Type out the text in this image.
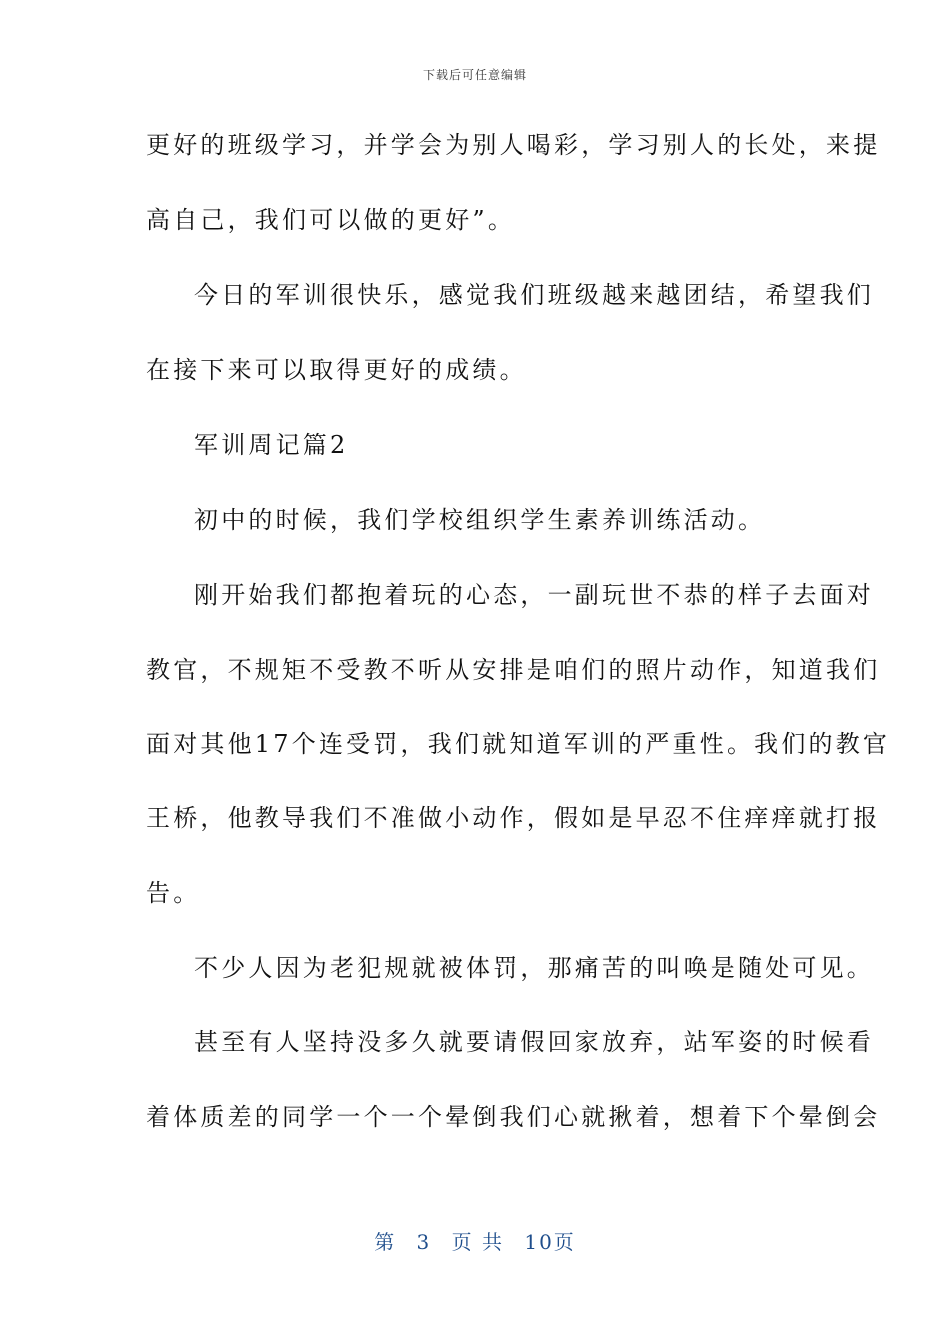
下载后可任意编辑
更好的班级学习，并学会为别人喝彩，学习别人的长处，来提
高自己，我们可以做的更好”。
今日的军训很快乐，感觉我们班级越来越团结，希望我们
在接下来可以取得更好的成绩。
军训周记篇2
初中的时候，我们学校组织学生素养训练活动。
刚开始我们都抱着玩的心态，一副玩世不恭的样子去面对
教官，不规矩不受教不听从安排是咱们的照片动作，知道我们
面对其他17个连受罚，我们就知道军训的严重性。我们的教官
王桥，他教导我们不准做小动作，假如是早忍不住痒痒就打报
告。
不少人因为老犯规就被体罚，那痛苦的叫唤是随处可见。
甚至有人坚持没多久就要请假回家放弃，站军姿的时候看
着体质差的同学一个一个晕倒我们心就揪着，想着下个晕倒会
第 3 页 共 10页
